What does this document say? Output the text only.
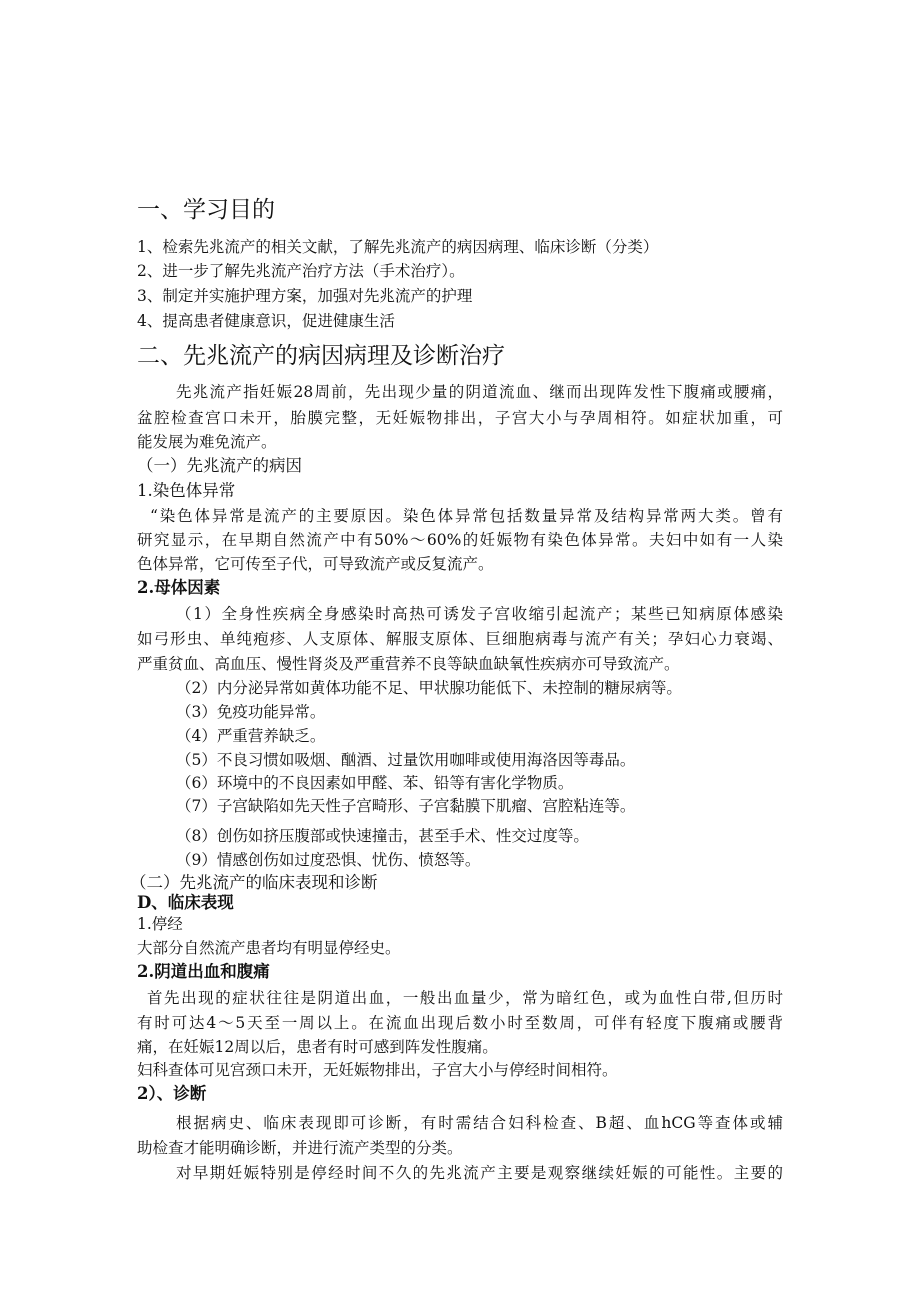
一、学习目的
1、检索先兆流产的相关文献，了解先兆流产的病因病理、临床诊断（分类）
2、进一步了解先兆流产治疗方法（手术治疗）。
3、制定并实施护理方案，加强对先兆流产的护理
4、提高患者健康意识，促进健康生活
二、先兆流产的病因病理及诊断治疗
先兆流产指妊娠28周前，先出现少量的阴道流血、继而出现阵发性下腹痛或腰痛，
盆腔检查宫口未开，胎膜完整，无妊娠物排出，子宫大小与孕周相符。如症状加重，可
能发展为难免流产。
（一）先兆流产的病因
1.染色体异常
“染色体异常是流产的主要原因。染色体异常包括数量异常及结构异常两大类。曾有
研究显示，在早期自然流产中有50%～60%的妊娠物有染色体异常。夫妇中如有一人染
色体异常，它可传至子代，可导致流产或反复流产。
2.母体因素
（1）全身性疾病全身感染时高热可诱发子宫收缩引起流产；某些已知病原体感染
如弓形虫、单纯疱疹、人支原体、解服支原体、巨细胞病毒与流产有关；孕妇心力衰竭、
严重贫血、高血压、慢性肾炎及严重营养不良等缺血缺氧性疾病亦可导致流产。
（2）内分泌异常如黄体功能不足、甲状腺功能低下、未控制的糖尿病等。
（3）免疫功能异常。
（4）严重营养缺乏。
（5）不良习惯如吸烟、酗酒、过量饮用咖啡或使用海洛因等毒品。
（6）环境中的不良因素如甲醛、苯、铅等有害化学物质。
（7）子宫缺陷如先天性子宫畸形、子宫黏膜下肌瘤、宫腔粘连等。
（8）创伤如挤压腹部或快速撞击，甚至手术、性交过度等。
（9）情感创伤如过度恐惧、忧伤、愤怒等。
（二）先兆流产的临床表现和诊断
D、临床表现
1.停经
大部分自然流产患者均有明显停经史。
2.阴道出血和腹痛
首先出现的症状往往是阴道出血，一般出血量少，常为暗红色，或为血性白带,但历时
有时可达4～5天至一周以上。在流血出现后数小时至数周，可伴有轻度下腹痛或腰背
痛，在妊娠12周以后，患者有时可感到阵发性腹痛。
妇科查体可见宫颈口未开，无妊娠物排出，子宫大小与停经时间相符。
2）、诊断
根据病史、临床表现即可诊断，有时需结合妇科检查、B超、血hCG等查体或辅
助检查才能明确诊断，并进行流产类型的分类。
对早期妊娠特别是停经时间不久的先兆流产主要是观察继续妊娠的可能性。主要的
